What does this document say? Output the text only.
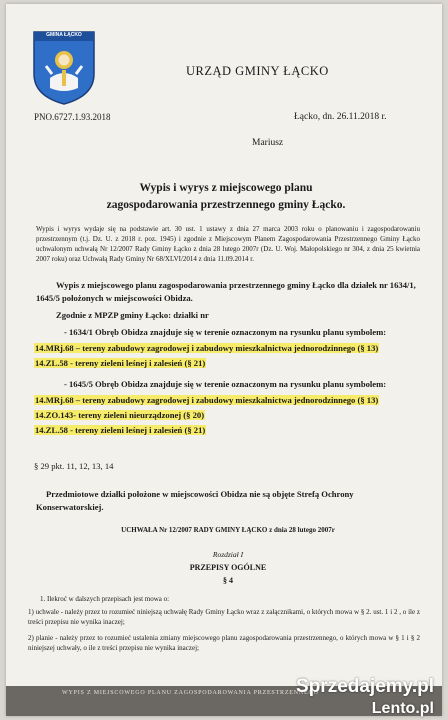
GMINA ŁĄCKO
URZĄD GMINY ŁĄCKO
PNO.6727.1.93.2018	Łącko, dn. 26.11.2018 r.
Mariusz
Wypis i wyrys z miejscowego planu
zagospodarowania przestrzennego gminy Łącko.
Wypis i wyrys wydaje się na podstawie art. 30 ust. 1 ustawy z dnia 27 marca 2003 roku o planowaniu i zagospodarowaniu przestrzennym (t.j. Dz. U. z 2018 r. poz. 1945) i zgodnie z Miejscowym Planem Zagospodarowania Przestrzennego Gminy Łącko uchwalonym uchwałą Nr 12/2007 Rady Gminy Łącko z dnia 28 lutego 2007r (Dz. U. Woj. Małopolskiego nr 304, z dnia 25 kwietnia 2007 roku) oraz Uchwałą Rady Gminy Nr 68/XLVI/2014 z dnia 11.09.2014 r.
Wypis z miejscowego planu zagospodarowania przestrzennego gminy Łącko dla działek nr 1634/1, 1645/5 położonych w miejscowości Obidza.
Zgodnie z MPZP gminy Łącko: działki nr
- 1634/1 Obręb Obidza znajduje się w terenie oznaczonym na rysunku planu symbolem:
14.MRj.68 – tereny zabudowy zagrodowej i zabudowy mieszkalnictwa jednorodzinnego (§ 13)
14.ZL.58 - tereny zieleni leśnej i zalesień (§ 21)
- 1645/5 Obręb Obidza znajduje się w terenie oznaczonym na rysunku planu symbolem:
14.MRj.68 – tereny zabudowy zagrodowej i zabudowy mieszkalnictwa jednorodzinnego (§ 13)
14.ZO.143- tereny zieleni nieurządzonej (§ 20)
14.ZL.58 - tereny zieleni leśnej i zalesień (§ 21)
§ 29 pkt. 11, 12, 13, 14
Przedmiotowe działki położone w miejscowości Obidza nie są objęte Strefą Ochrony Konserwatorskiej.
UCHWAŁA Nr 12/2007 RADY GMINY ŁĄCKO z dnia 28 lutego 2007r
Rozdział I
PRZEPISY OGÓLNE
§ 4
1. Ilekroć w dalszych przepisach jest mowa o:
1) uchwale - należy przez to rozumieć niniejszą uchwałę Rady Gminy Łącko wraz z załącznikami, o których mowa w § 2. ust. 1 i 2 , o ile z treści przepisu nie wynika inaczej;
2) planie - należy przez to rozumieć ustalenia zmiany miejscowego planu zagospodarowania przestrzennego, o których mowa w § 1 i § 2 niniejszej uchwały, o ile z treści przepisu nie wynika inaczej;
WYPIS Z MIEJSCOWEGO PLANU ZAGOSPODAROWANIA PRZESTRZENNEGO
Sprzedajemy.pl
Lento.pl
